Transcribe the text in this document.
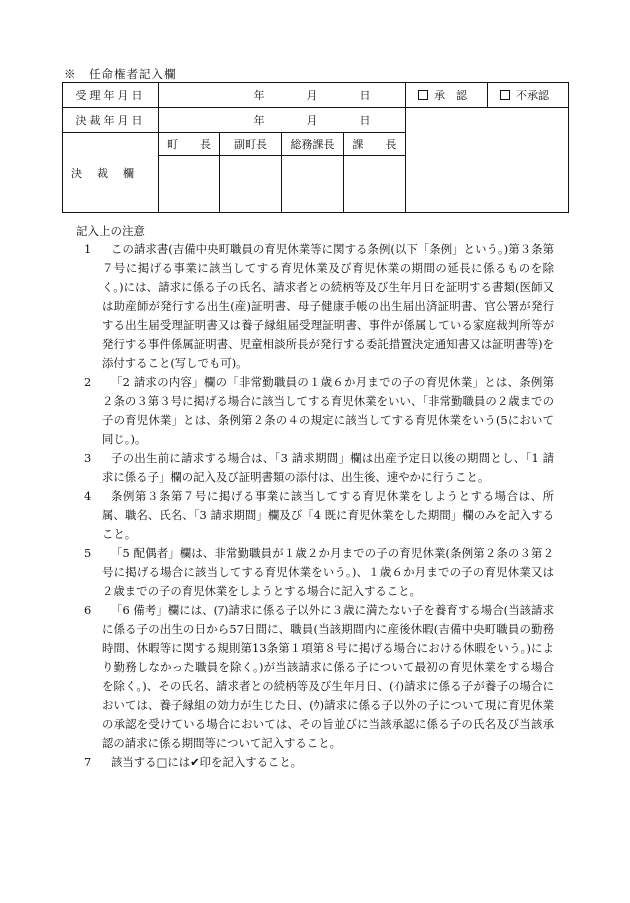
※　任命権者記入欄
受理年月日	年 月 日				承　認	不承認
決裁年月日	年 月 日					
決　裁　欄	町　　長	副町長	総務課長	課　　長		

記入上の注意
1	この請求書(吉備中央町職員の育児休業等に関する条例(以下「条例」という。)第３条第７号に掲げる事業に該当してする育児休業及び育児休業の期間の延長に係るものを除く。)には、請求に係る子の氏名、請求者との続柄等及び生年月日を証明する書類(医師又は助産師が発行する出生(産)証明書、母子健康手帳の出生届出済証明書、官公署が発行する出生届受理証明書又は養子縁組届受理証明書、事件が係属している家庭裁判所等が発行する事件係属証明書、児童相談所長が発行する委託措置決定通知書又は証明書等)を添付すること(写しでも可)。
2	「2 請求の内容」欄の「非常勤職員の１歳６か月までの子の育児休業」とは、条例第２条の３第３号に掲げる場合に該当してする育児休業をいい、「非常勤職員の２歳までの子の育児休業」とは、条例第２条の４の規定に該当してする育児休業をいう(5において同じ。)。
3	子の出生前に請求する場合は、「3 請求期間」欄は出産予定日以後の期間とし、「1 請求に係る子」欄の記入及び証明書類の添付は、出生後、速やかに行うこと。
4	条例第３条第７号に掲げる事業に該当してする育児休業をしようとする場合は、所属、職名、氏名、「3 請求期間」欄及び「4 既に育児休業をした期間」欄のみを記入すること。
5	「5 配偶者」欄は、非常勤職員が１歳２か月までの子の育児休業(条例第２条の３第２号に掲げる場合に該当してする育児休業をいう。)、１歳６か月までの子の育児休業又は２歳までの子の育児休業をしようとする場合に記入すること。
6	「6 備考」欄には、(ｱ)請求に係る子以外に３歳に満たない子を養育する場合(当該請求に係る子の出生の日から57日間に、職員(当該期間内に産後休暇(吉備中央町職員の勤務時間、休暇等に関する規則第13条第１項第８号に掲げる場合における休暇をいう。)により勤務しなかった職員を除く。)が当該請求に係る子について最初の育児休業をする場合を除く。)、その氏名、請求者との続柄等及び生年月日、(ｲ)請求に係る子が養子の場合においては、養子縁組の効力が生じた日、(ｳ)請求に係る子以外の子について現に育児休業の承認を受けている場合においては、その旨並びに当該承認に係る子の氏名及び当該承認の請求に係る期間等について記入すること。
7	該当する□には✔印を記入すること。
